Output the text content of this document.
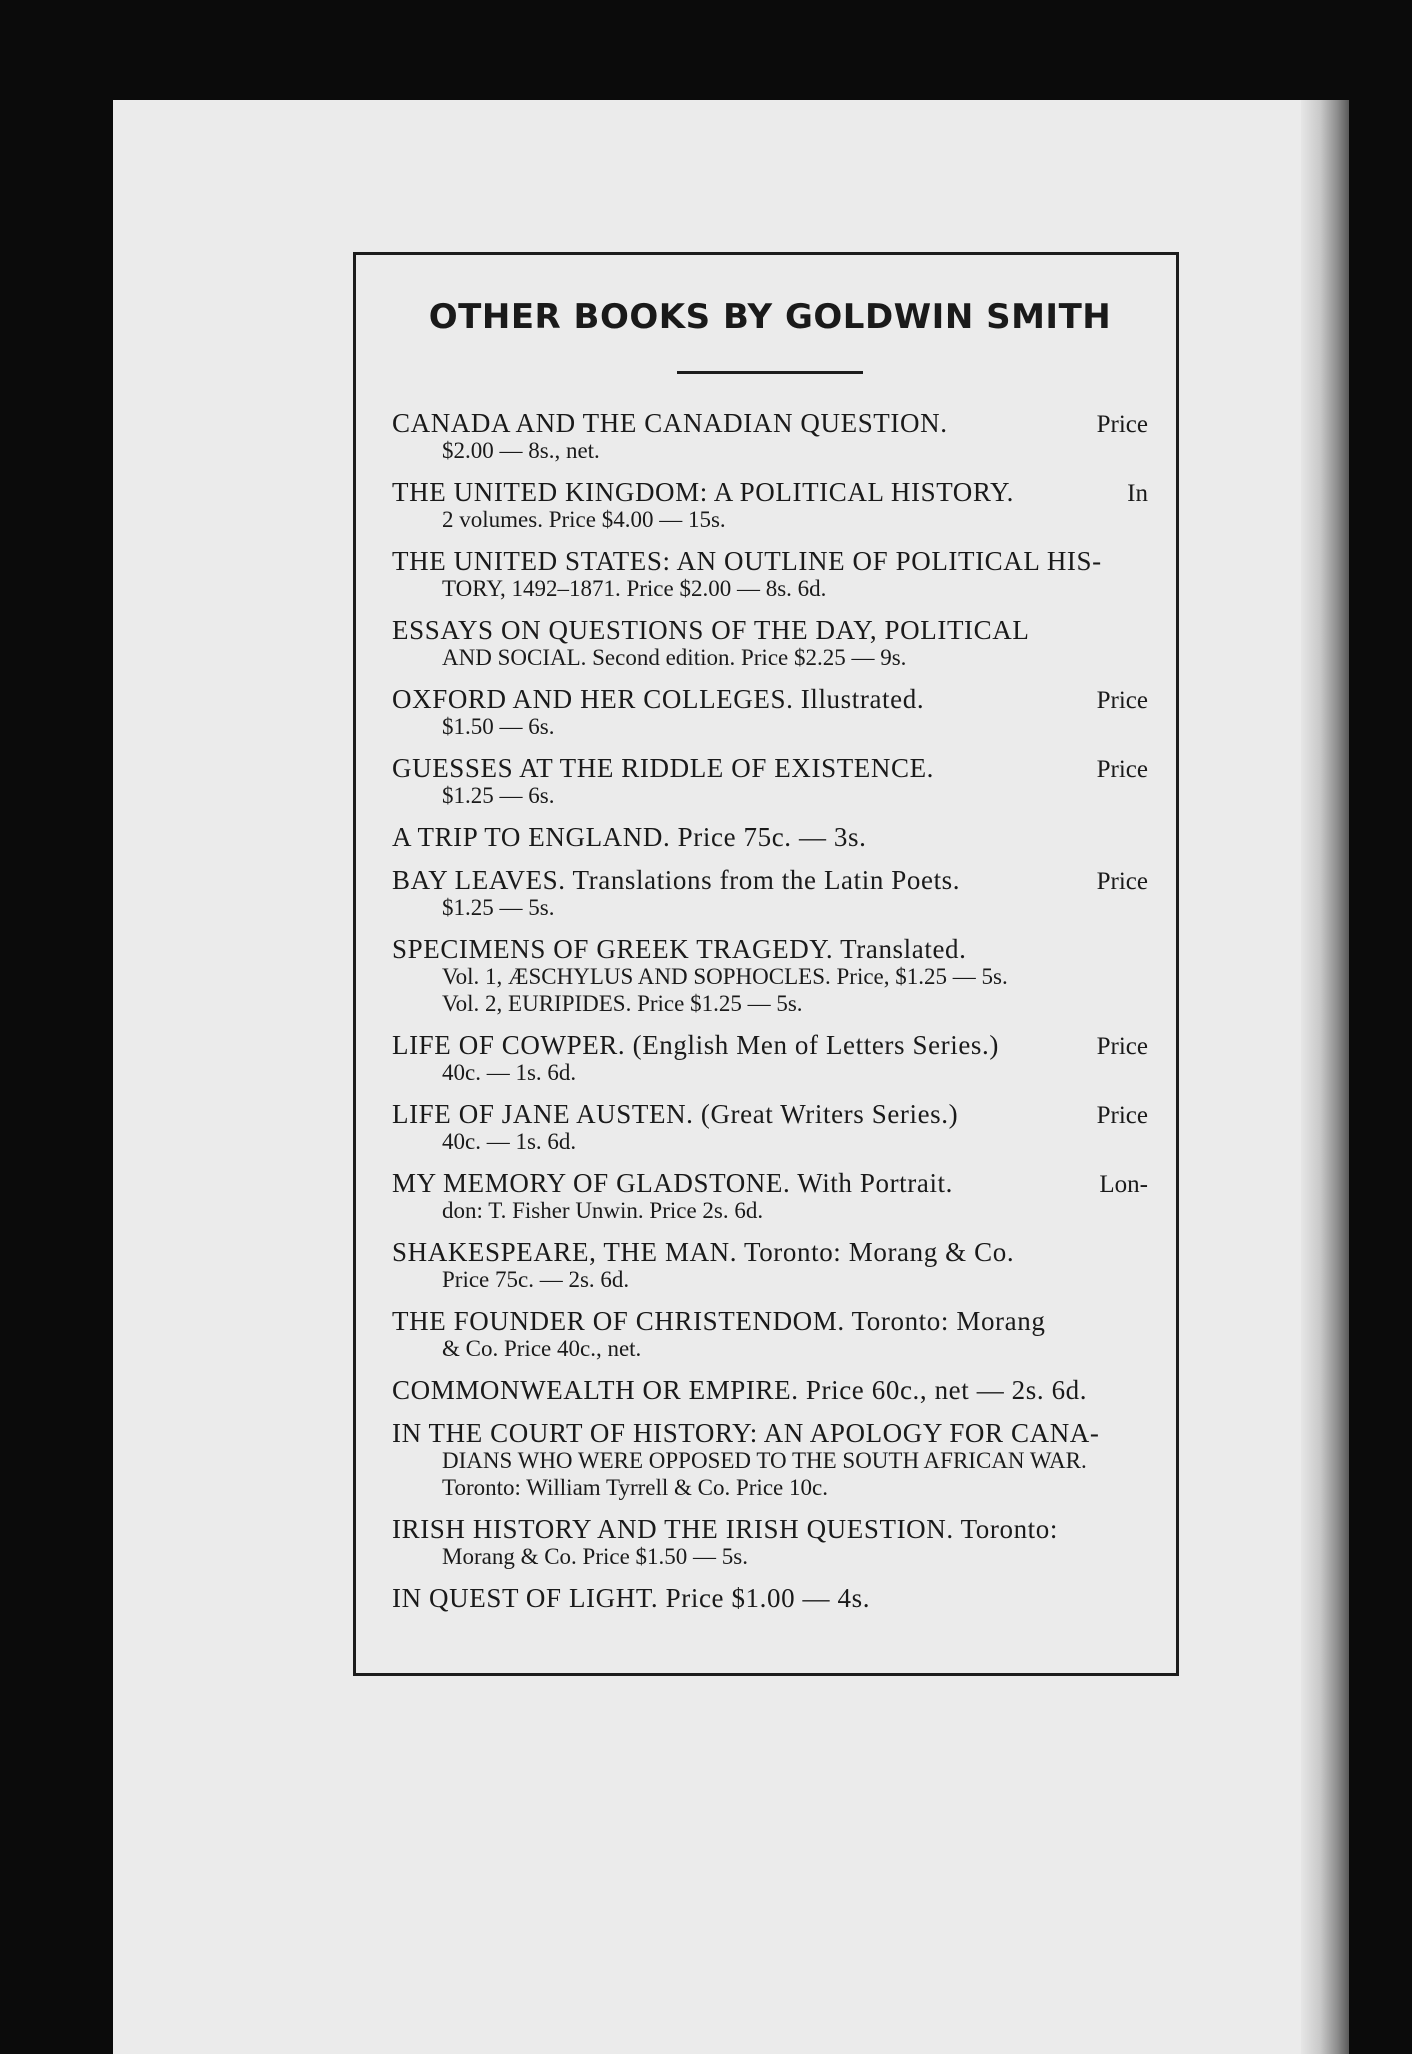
OTHER BOOKS BY GOLDWIN SMITH
Price
CANADA AND THE CANADIAN QUESTION.
$2.00 — 8s., net.
In
THE UNITED KINGDOM: A POLITICAL HISTORY.
2 volumes. Price $4.00 — 15s.
THE UNITED STATES: AN OUTLINE OF POLITICAL HIS-
TORY, 1492–1871. Price $2.00 — 8s. 6d.
ESSAYS ON QUESTIONS OF THE DAY, POLITICAL
AND SOCIAL. Second edition. Price $2.25 — 9s.
Price
OXFORD AND HER COLLEGES. Illustrated.
$1.50 — 6s.
Price
GUESSES AT THE RIDDLE OF EXISTENCE.
$1.25 — 6s.
A TRIP TO ENGLAND. Price 75c. — 3s.
Price
BAY LEAVES. Translations from the Latin Poets.
$1.25 — 5s.
SPECIMENS OF GREEK TRAGEDY. Translated.
Vol. 1, ÆSCHYLUS AND SOPHOCLES. Price, $1.25 — 5s.
Vol. 2, EURIPIDES. Price $1.25 — 5s.
Price
LIFE OF COWPER. (English Men of Letters Series.)
40c. — 1s. 6d.
Price
LIFE OF JANE AUSTEN. (Great Writers Series.)
40c. — 1s. 6d.
Lon-
MY MEMORY OF GLADSTONE. With Portrait.
don: T. Fisher Unwin. Price 2s. 6d.
SHAKESPEARE, THE MAN. Toronto: Morang & Co.
Price 75c. — 2s. 6d.
THE FOUNDER OF CHRISTENDOM. Toronto: Morang
& Co. Price 40c., net.
COMMONWEALTH OR EMPIRE. Price 60c., net — 2s. 6d.
IN THE COURT OF HISTORY: AN APOLOGY FOR CANA-
DIANS WHO WERE OPPOSED TO THE SOUTH AFRICAN WAR.
Toronto: William Tyrrell & Co. Price 10c.
IRISH HISTORY AND THE IRISH QUESTION. Toronto:
Morang & Co. Price $1.50 — 5s.
IN QUEST OF LIGHT. Price $1.00 — 4s.
